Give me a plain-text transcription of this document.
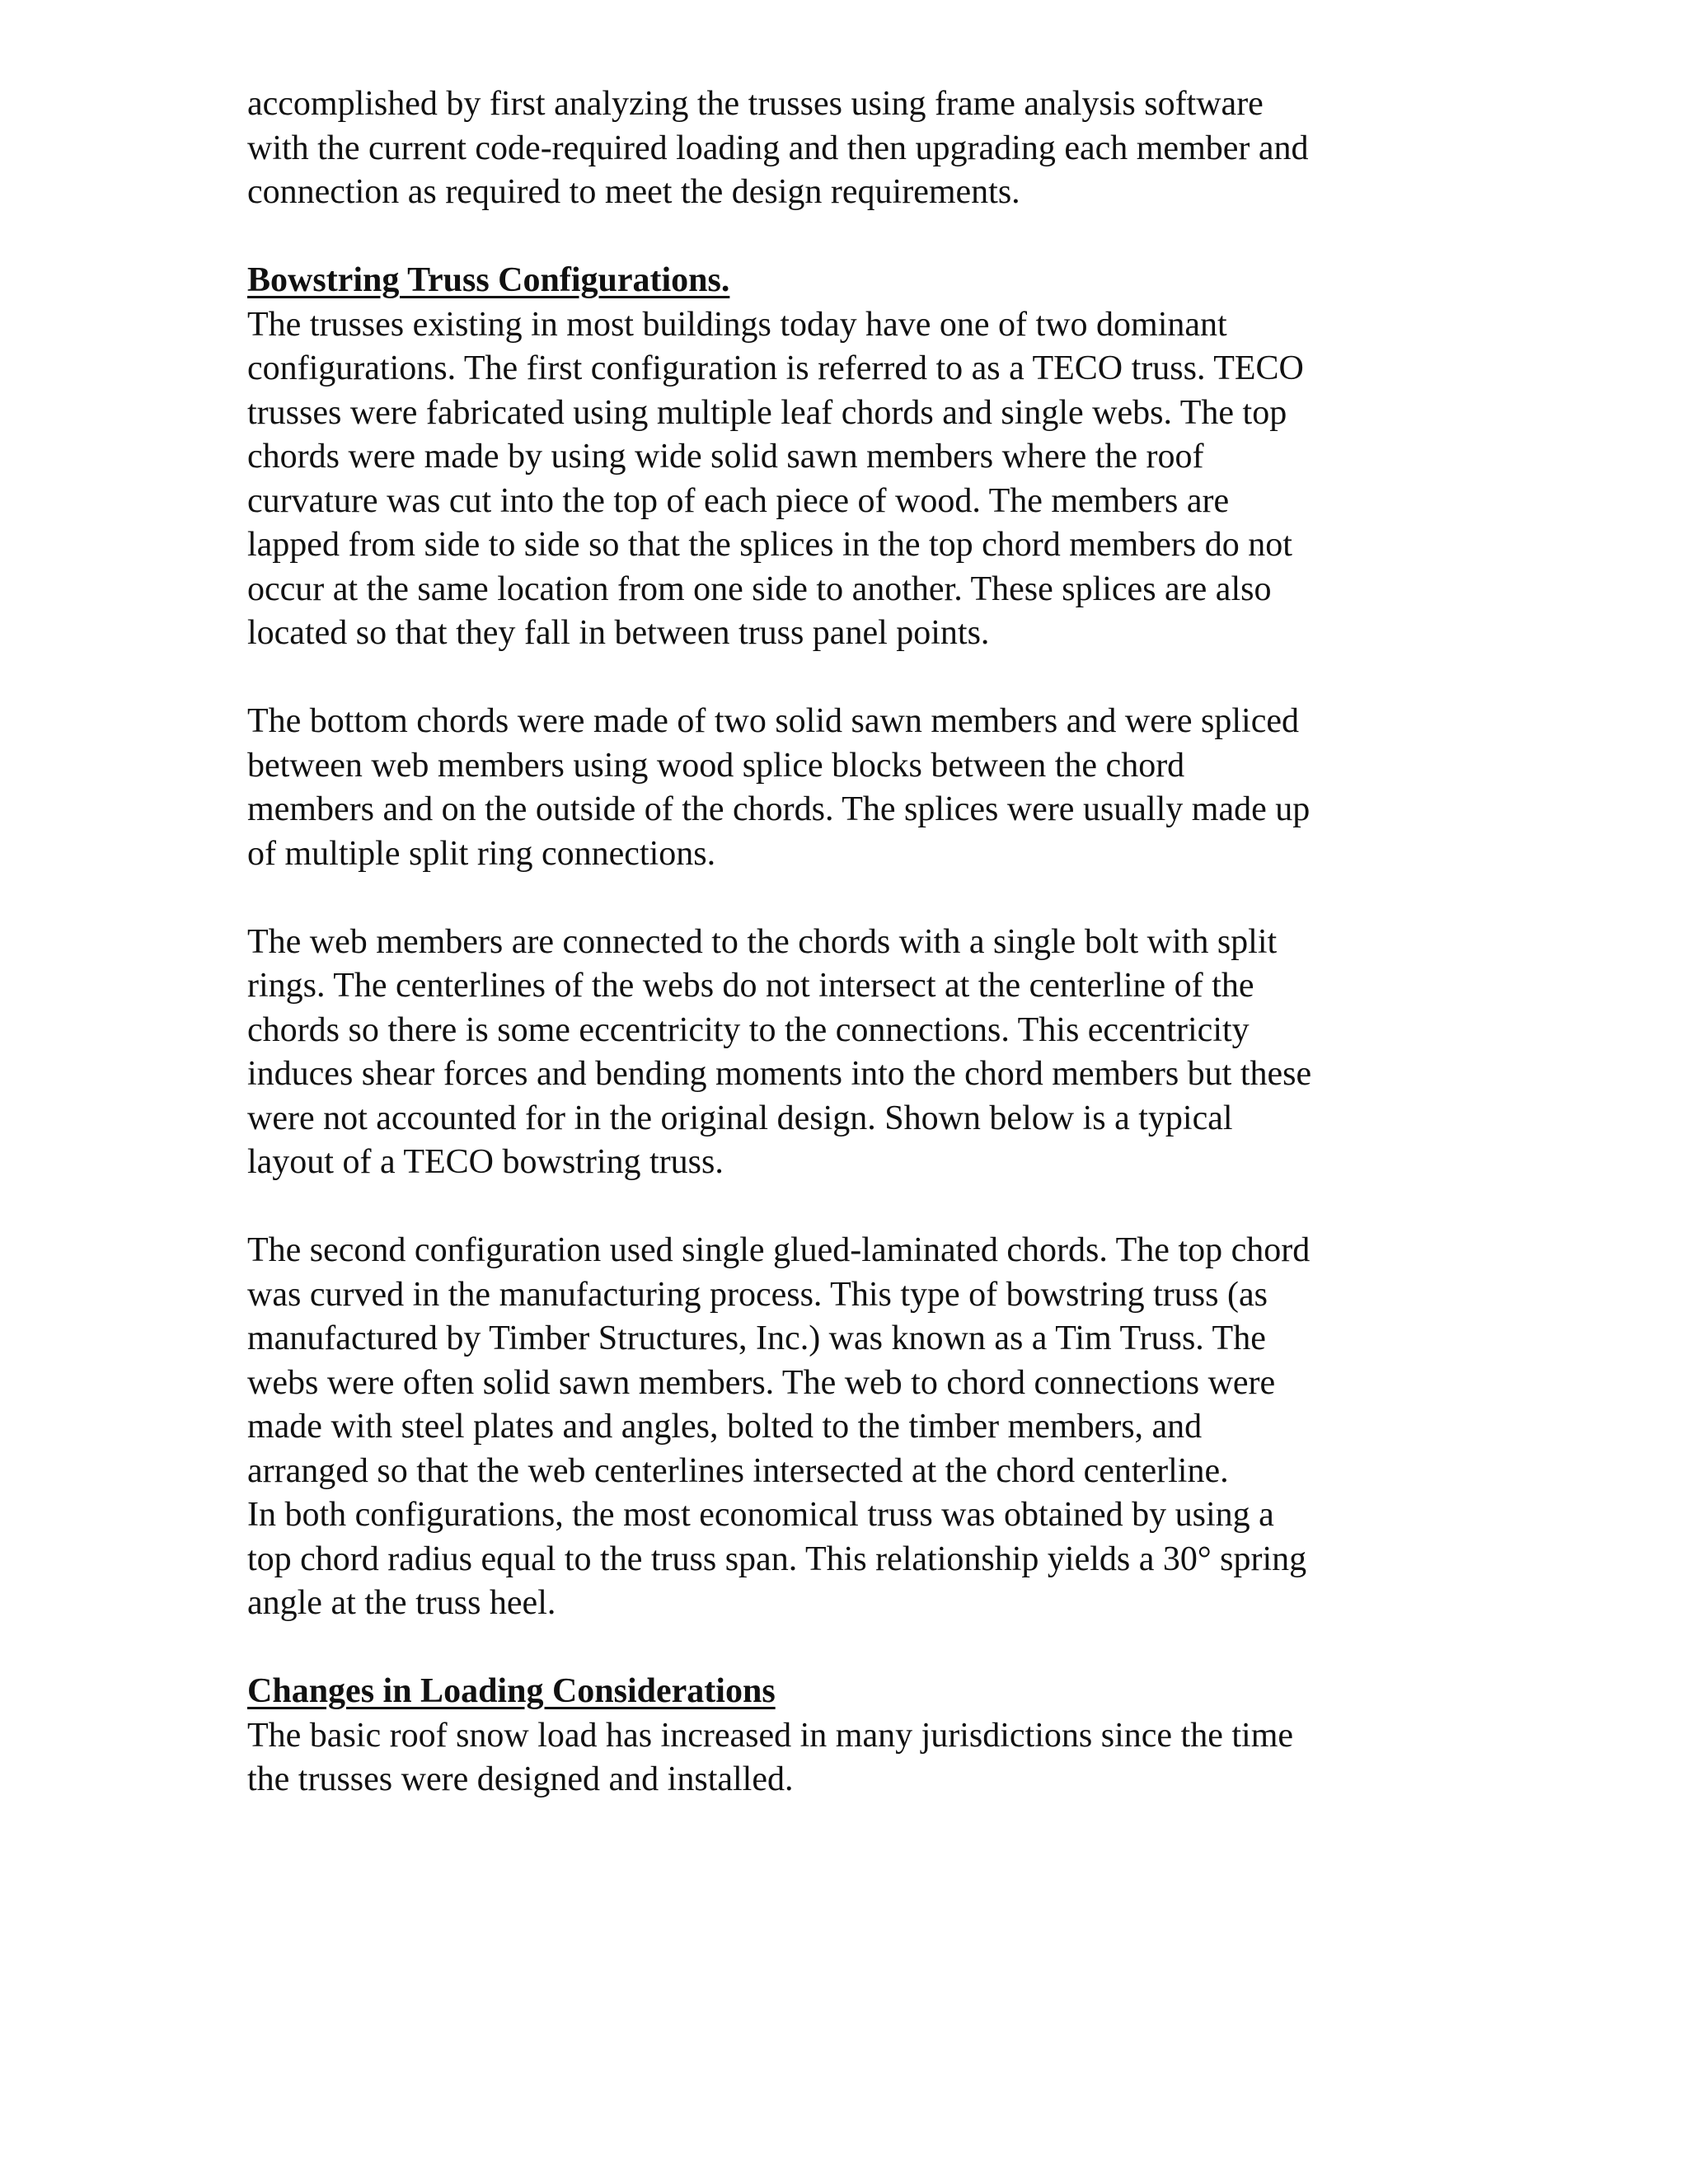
accomplished by first analyzing the trusses using frame analysis software
with the current code-required loading and then upgrading each member and
connection as required to meet the design requirements.

Bowstring Truss Configurations.

The trusses existing in most buildings today have one of two dominant
configurations. The first configuration is referred to as a TECO truss. TECO
trusses were fabricated using multiple leaf chords and single webs. The top
chords were made by using wide solid sawn members where the roof
curvature was cut into the top of each piece of wood. The members are
lapped from side to side so that the splices in the top chord members do not
occur at the same location from one side to another. These splices are also
located so that they fall in between truss panel points.

The bottom chords were made of two solid sawn members and were spliced
between web members using wood splice blocks between the chord
members and on the outside of the chords. The splices were usually made up
of multiple split ring connections.

The web members are connected to the chords with a single bolt with split
rings. The centerlines of the webs do not intersect at the centerline of the
chords so there is some eccentricity to the connections. This eccentricity
induces shear forces and bending moments into the chord members but these
were not accounted for in the original design. Shown below is a typical
layout of a TECO bowstring truss.

The second configuration used single glued-laminated chords. The top chord
was curved in the manufacturing process. This type of bowstring truss (as
manufactured by Timber Structures, Inc.) was known as a Tim Truss. The
webs were often solid sawn members. The web to chord connections were
made with steel plates and angles, bolted to the timber members, and
arranged so that the web centerlines intersected at the chord centerline.
In both configurations, the most economical truss was obtained by using a
top chord radius equal to the truss span. This relationship yields a 30° spring
angle at the truss heel.

Changes in Loading Considerations

The basic roof snow load has increased in many jurisdictions since the time
the trusses were designed and installed.
